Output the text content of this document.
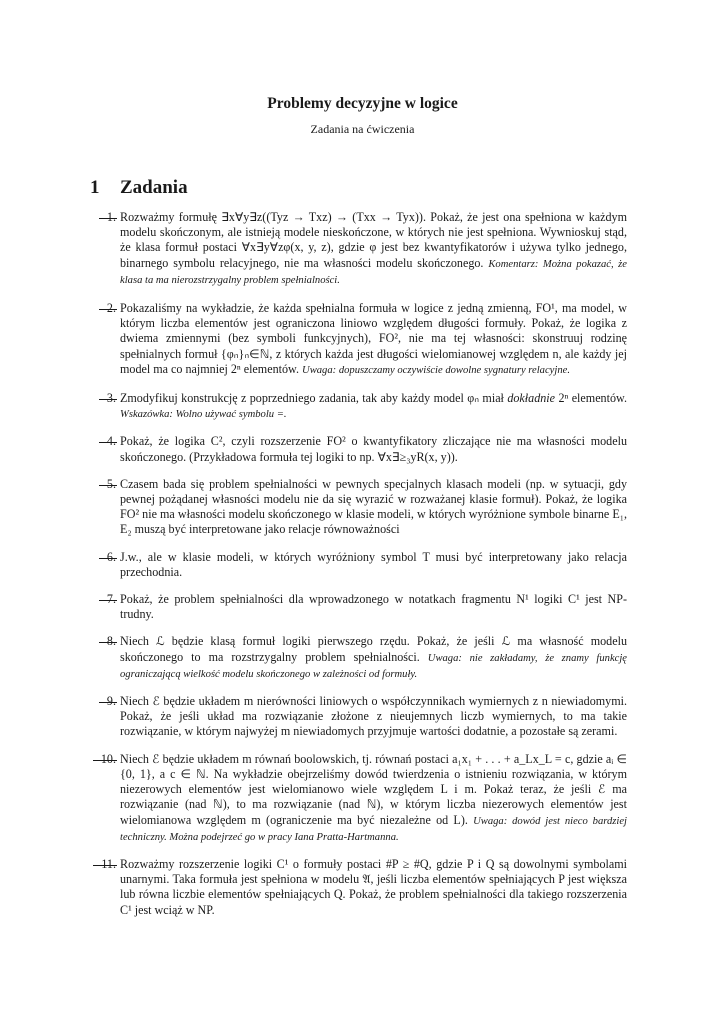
Problemy decyzyjne w logice
Zadania na ćwiczenia
1 Zadania
1. Rozważmy formułę ∃x∀y∃z((Tyz → Txz) → (Txx → Tyx)). Pokaż, że jest ona spełniona w każdym modelu skończonym, ale istnieją modele nieskończone, w których nie jest spełniona. Wywnioskuj stąd, że klasa formuł postaci ∀x∃y∀zφ(x, y, z), gdzie φ jest bez kwantyfikatorów i używa tylko jednego, binarnego symbolu relacyjnego, nie ma własności modelu skończonego. Komentarz: Można pokazać, że klasa ta ma nierozstrzygalny problem spełnialności.
2. Pokazaliśmy na wykładzie, że każda spełnialna formuła w logice z jedną zmienną, FO¹, ma model, w którym liczba elementów jest ograniczona liniowo względem długości formuły. Pokaż, że logika z dwiema zmiennymi (bez symboli funkcyjnych), FO², nie ma tej własności: skonstruuj rodzinę spełnialnych formuł {φₙ}ₙ∈ℕ, z których każda jest długości wielomianowej względem n, ale każdy jej model ma co najmniej 2ⁿ elementów. Uwaga: dopuszczamy oczywiście dowolne sygnatury relacyjne.
3. Zmodyfikuj konstrukcję z poprzedniego zadania, tak aby każdy model φₙ miał dokładnie 2ⁿ elementów. Wskazówka: Wolno używać symbolu =.
4. Pokaż, że logika C², czyli rozszerzenie FO² o kwantyfikatory zliczające nie ma własności modelu skończonego. (Przykładowa formuła tej logiki to np. ∀x∃≥₃yR(x, y)).
5. Czasem bada się problem spełnialności w pewnych specjalnych klasach modeli (np. w sytuacji, gdy pewnej pożądanej własności modelu nie da się wyrazić w rozważanej klasie formuł). Pokaż, że logika FO² nie ma własności modelu skończonego w klasie modeli, w których wyróżnione symbole binarne E₁, E₂ muszą być interpretowane jako relacje równoważności
6. J.w., ale w klasie modeli, w których wyróżniony symbol T musi być interpretowany jako relacja przechodnia.
7. Pokaż, że problem spełnialności dla wprowadzonego w notatkach fragmentu N¹ logiki C¹ jest NP-trudny.
8. Niech ℒ będzie klasą formuł logiki pierwszego rzędu. Pokaż, że jeśli ℒ ma własność modelu skończonego to ma rozstrzygalny problem spełnialności. Uwaga: nie zakładamy, że znamy funkcję ograniczającą wielkość modelu skończonego w zależności od formuły.
9. Niech ℰ będzie układem m nierówności liniowych o współczynnikach wymiernych z n niewiadomymi. Pokaż, że jeśli układ ma rozwiązanie złożone z nieujemnych liczb wymiernych, to ma takie rozwiązanie, w którym najwyżej m niewiadomych przyjmuje wartości dodatnie, a pozostałe są zerami.
10. Niech ℰ będzie układem m równań boolowskich, tj. równań postaci a₁x₁ + . . . + a_Lx_L = c, gdzie aᵢ ∈ {0, 1}, a c ∈ ℕ. Na wykładzie obejrzeliśmy dowód twierdzenia o istnieniu rozwiązania, w którym niezerowych elementów jest wielomianowo wiele względem L i m. Pokaż teraz, że jeśli ℰ ma rozwiązanie (nad ℕ), to ma rozwiązanie (nad ℕ), w którym liczba niezerowych elementów jest wielomianowa względem m (ograniczenie ma być niezależne od L). Uwaga: dowód jest nieco bardziej techniczny. Można podejrzeć go w pracy Iana Pratta-Hartmanna.
11. Rozważmy rozszerzenie logiki C¹ o formuły postaci #P ≥ #Q, gdzie P i Q są dowolnymi symbolami unarnymi. Taka formuła jest spełniona w modelu 𝔄, jeśli liczba elementów spełniających P jest większa lub równa liczbie elementów spełniających Q. Pokaż, że problem spełnialności dla takiego rozszerzenia C¹ jest wciąż w NP.
